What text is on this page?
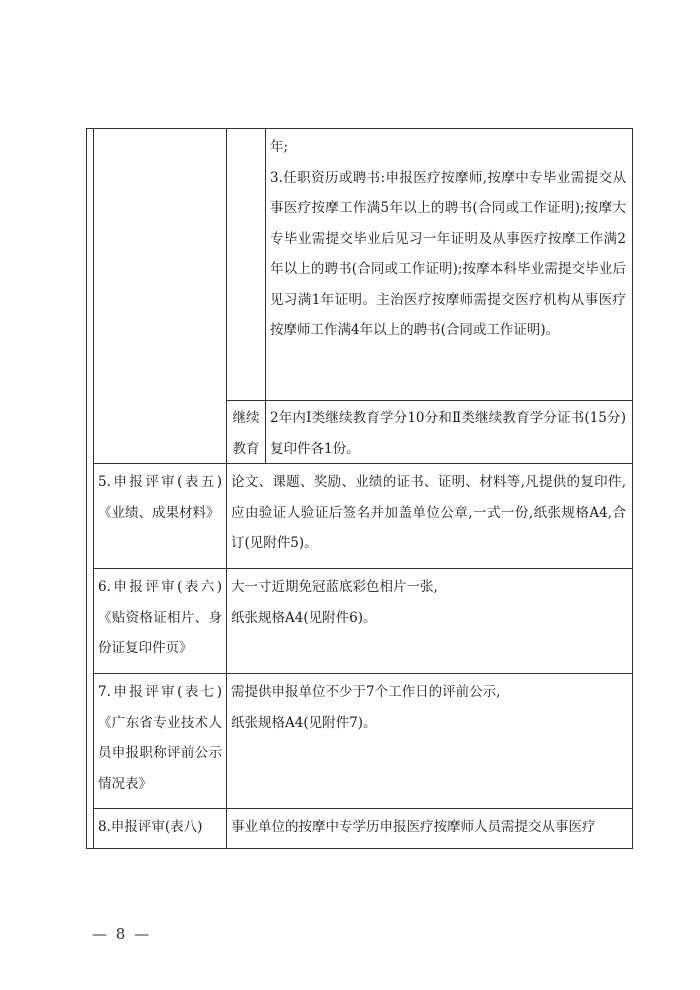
年;

3.任职资历或聘书:申报医疗按摩师,按摩中专毕业需提交从事医疗按摩工作满5年以上的聘书(合同或工作证明);按摩大专毕业需提交毕业后见习一年证明及从事医疗按摩工作满2年以上的聘书(合同或工作证明);按摩本科毕业需提交毕业后见习满1年证明。主治医疗按摩师需提交医疗机构从事医疗按摩师工作满4年以上的聘书(合同或工作证明)。

继续

教育

2年内Ⅰ类继续教育学分10分和Ⅱ类继续教育学分证书(15分)复印件各1份。
5.申报评审(表五)《业绩、成果材料》
论文、课题、奖励、业绩的证书、证明、材料等,凡提供的复印件,应由验证人验证后签名并加盖单位公章,一式一份,纸张规格A4,合订(见附件5)。
6.申报评审(表六)《贴资格证相片、身份证复印件页》

大一寸近期免冠蓝底彩色相片一张,

纸张规格A4(见附件6)。

7.申报评审(表七)《广东省专业技术人员申报职称评前公示情况表》

需提供申报单位不少于7个工作日的评前公示,

纸张规格A4(见附件7)。

8.申报评审(表八)	事业单位的按摩中专学历申报医疗按摩师人员需提交从事医疗
— 8 —
